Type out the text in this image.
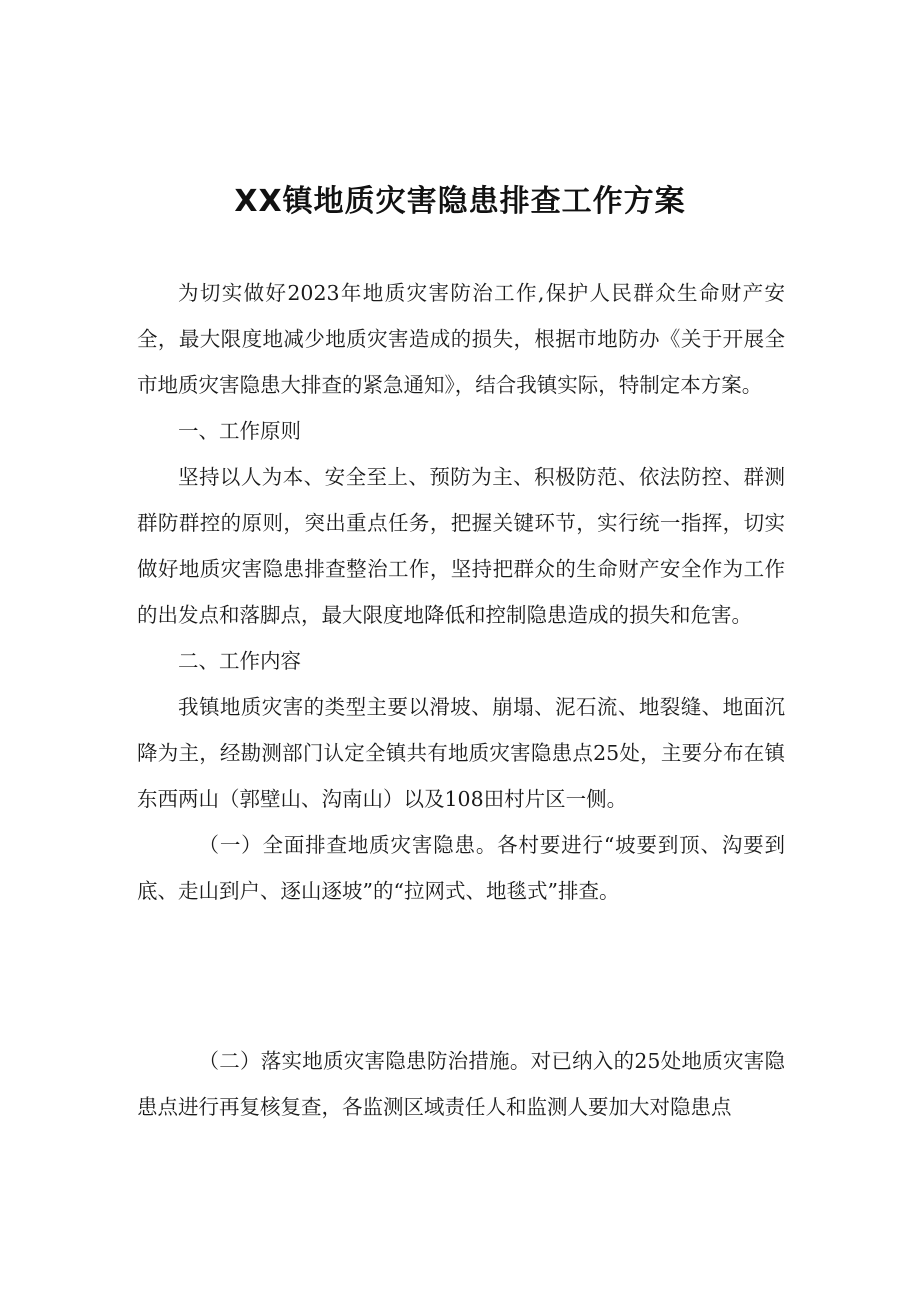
XX镇地质灾害隐患排查工作方案

为切实做好2023年地质灾害防治工作,保护人民群众生命财产安全，最大限度地减少地质灾害造成的损失，根据市地防办《关于开展全市地质灾害隐患大排查的紧急通知》，结合我镇实际，特制定本方案。

一、工作原则

坚持以人为本、安全至上、预防为主、积极防范、依法防控、群测群防群控的原则，突出重点任务，把握关键环节，实行统一指挥，切实做好地质灾害隐患排查整治工作，坚持把群众的生命财产安全作为工作的出发点和落脚点，最大限度地降低和控制隐患造成的损失和危害。

二、工作内容

我镇地质灾害的类型主要以滑坡、崩塌、泥石流、地裂缝、地面沉降为主，经勘测部门认定全镇共有地质灾害隐患点25处，主要分布在镇东西两山（郭壁山、沟南山）以及108田村片区一侧。

（一）全面排查地质灾害隐患。各村要进行“坡要到顶、沟要到底、走山到户、逐山逐坡”的“拉网式、地毯式”排查。

（二）落实地质灾害隐患防治措施。对已纳入的25处地质灾害隐患点进行再复核复查，各监测区域责任人和监测人要加大对隐患点
